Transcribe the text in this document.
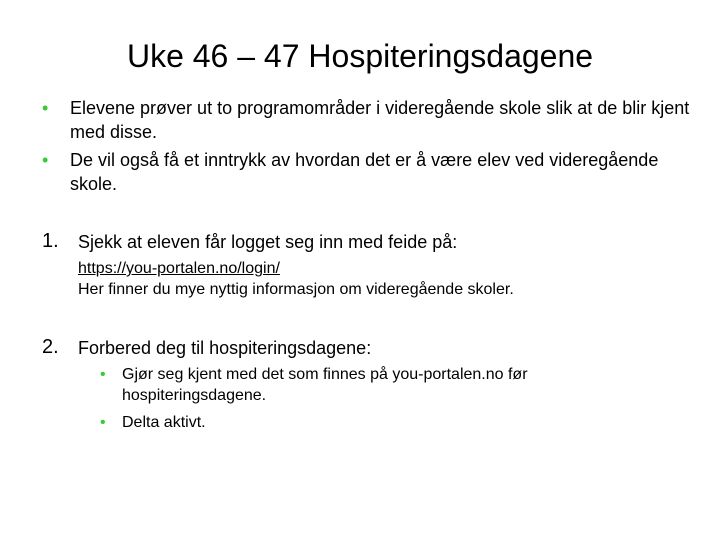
Uke 46 – 47 Hospiteringsdagene
• Elevene prøver ut to programområder i videregående skole slik at de blir kjent med disse.
• De vil også få et inntrykk av hvordan det er å være elev ved videregående skole.
1. Sjekk at eleven får logget seg inn med feide på:
https://you-portalen.no/login/
Her finner du mye nyttig informasjon om videregående skoler.
2. Forbered deg til hospiteringsdagene:
• Gjør seg kjent med det som finnes på you-portalen.no før hospiteringsdagene.
• Delta aktivt.
